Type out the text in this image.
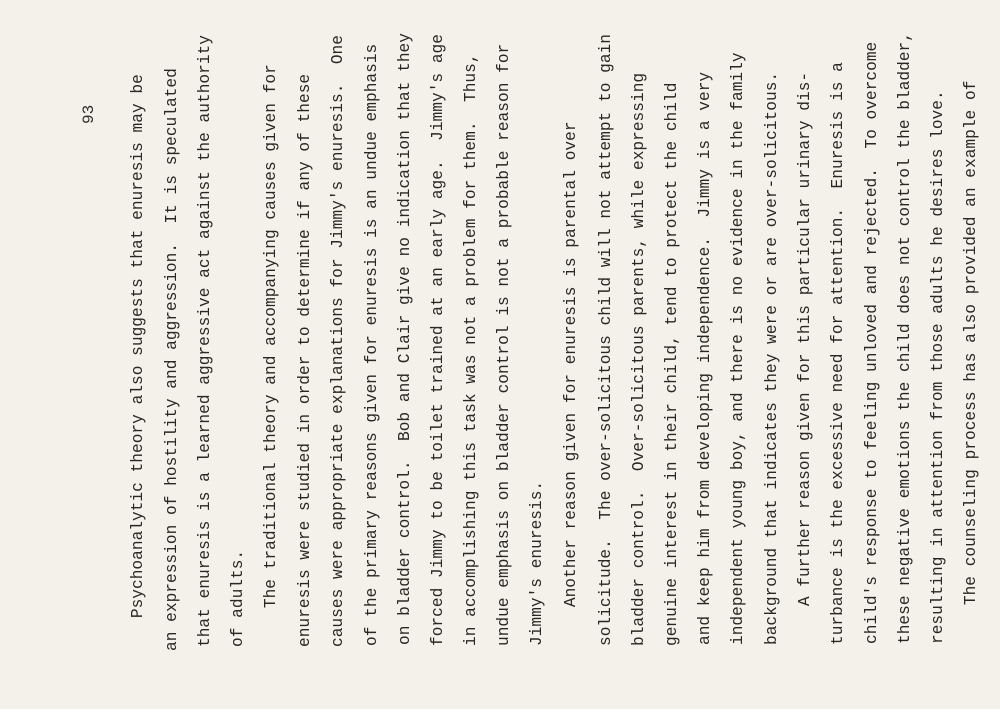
93 Psychoanalytic theory also suggests that enuresis may be an expression of hostility and aggression.  It is speculated that enuresis is a learned aggressive act against the authority of adults. The traditional theory and accompanying causes given for enuresis were studied in order to determine if any of these causes were appropriate explanations for Jimmy's enuresis.  One of the primary reasons given for enuresis is an undue emphasis on bladder control.  Bob and Clair give no indication that they forced Jimmy to be toilet trained at an early age.  Jimmy's age in accomplishing this task was not a problem for them.  Thus, undue emphasis on bladder control is not a probable reason for Jimmy's enuresis. Another reason given for enuresis is parental over solicitude.  The over-solicitous child will not attempt to gain bladder control.  Over-solicitous parents, while expressing genuine interest in their child, tend to protect the child and keep him from developing independence.  Jimmy is a very independent young boy, and there is no evidence in the family background that indicates they were or are over-solicitous. A further reason given for this particular urinary dis- turbance is the excessive need for attention.  Enuresis is a child's response to feeling unloved and rejected.  To overcome these negative emotions the child does not control the bladder, resulting in attention from those adults he desires love. The counseling process has also provided an example of
